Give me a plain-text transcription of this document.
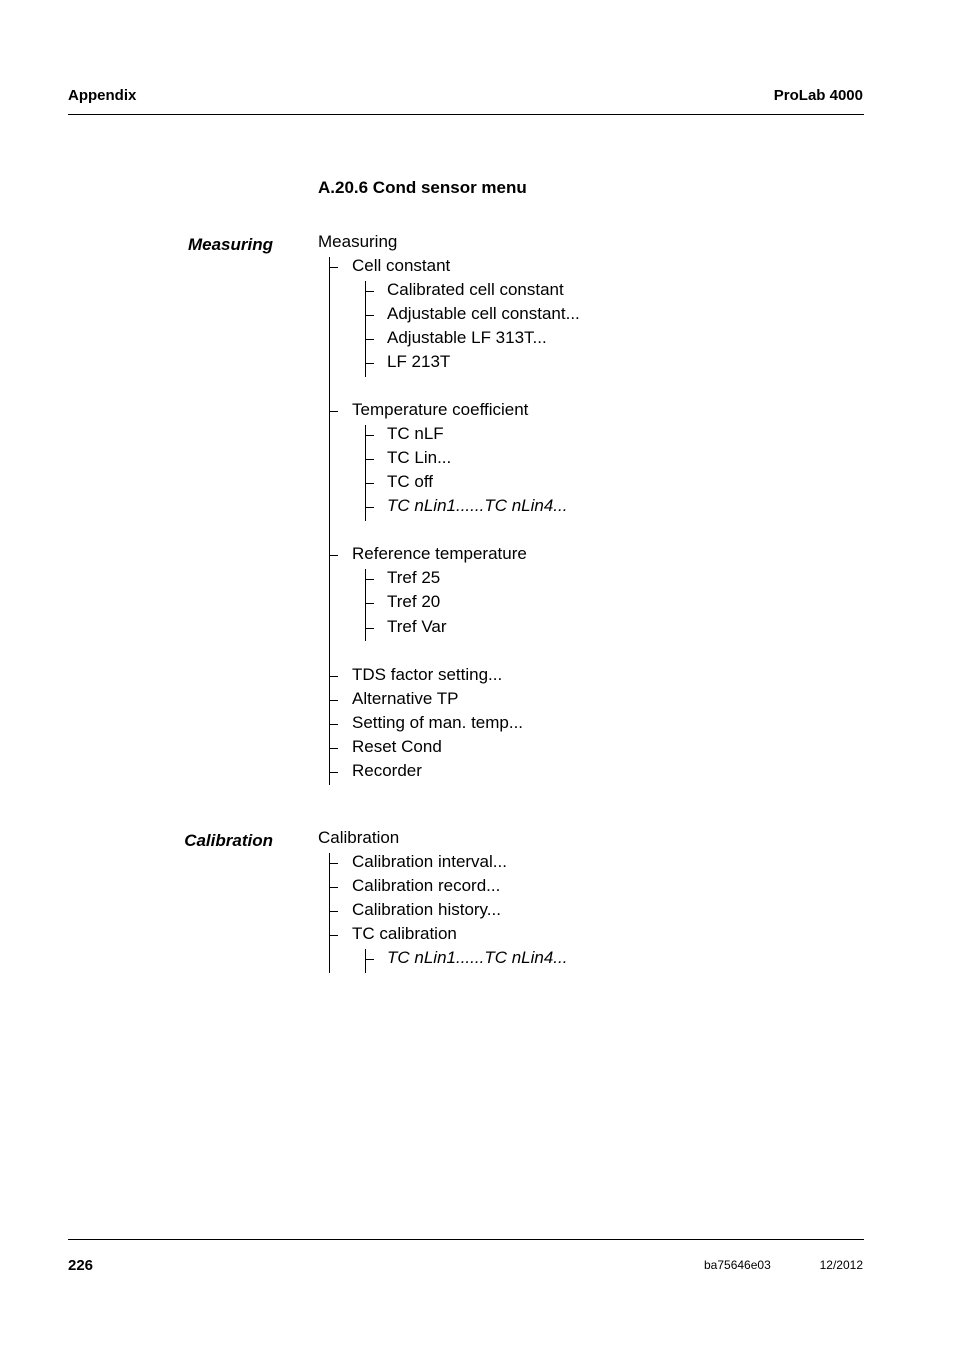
Appendix	ProLab 4000
A.20.6 Cond sensor menu
Measuring	Measuring
Cell constant
Calibrated cell constant
Adjustable cell constant...
Adjustable LF 313T...
LF 213T
Temperature coefficient
TC nLF
TC Lin...
TC off
TC nLin1......TC nLin4...
Reference temperature
Tref 25
Tref 20
Tref Var
TDS factor setting...
Alternative TP
Setting of man. temp...
Reset Cond
Recorder
Calibration	Calibration
Calibration interval...
Calibration record...
Calibration history...
TC calibration
TC nLin1......TC nLin4...
226	ba75646e03	12/2012
